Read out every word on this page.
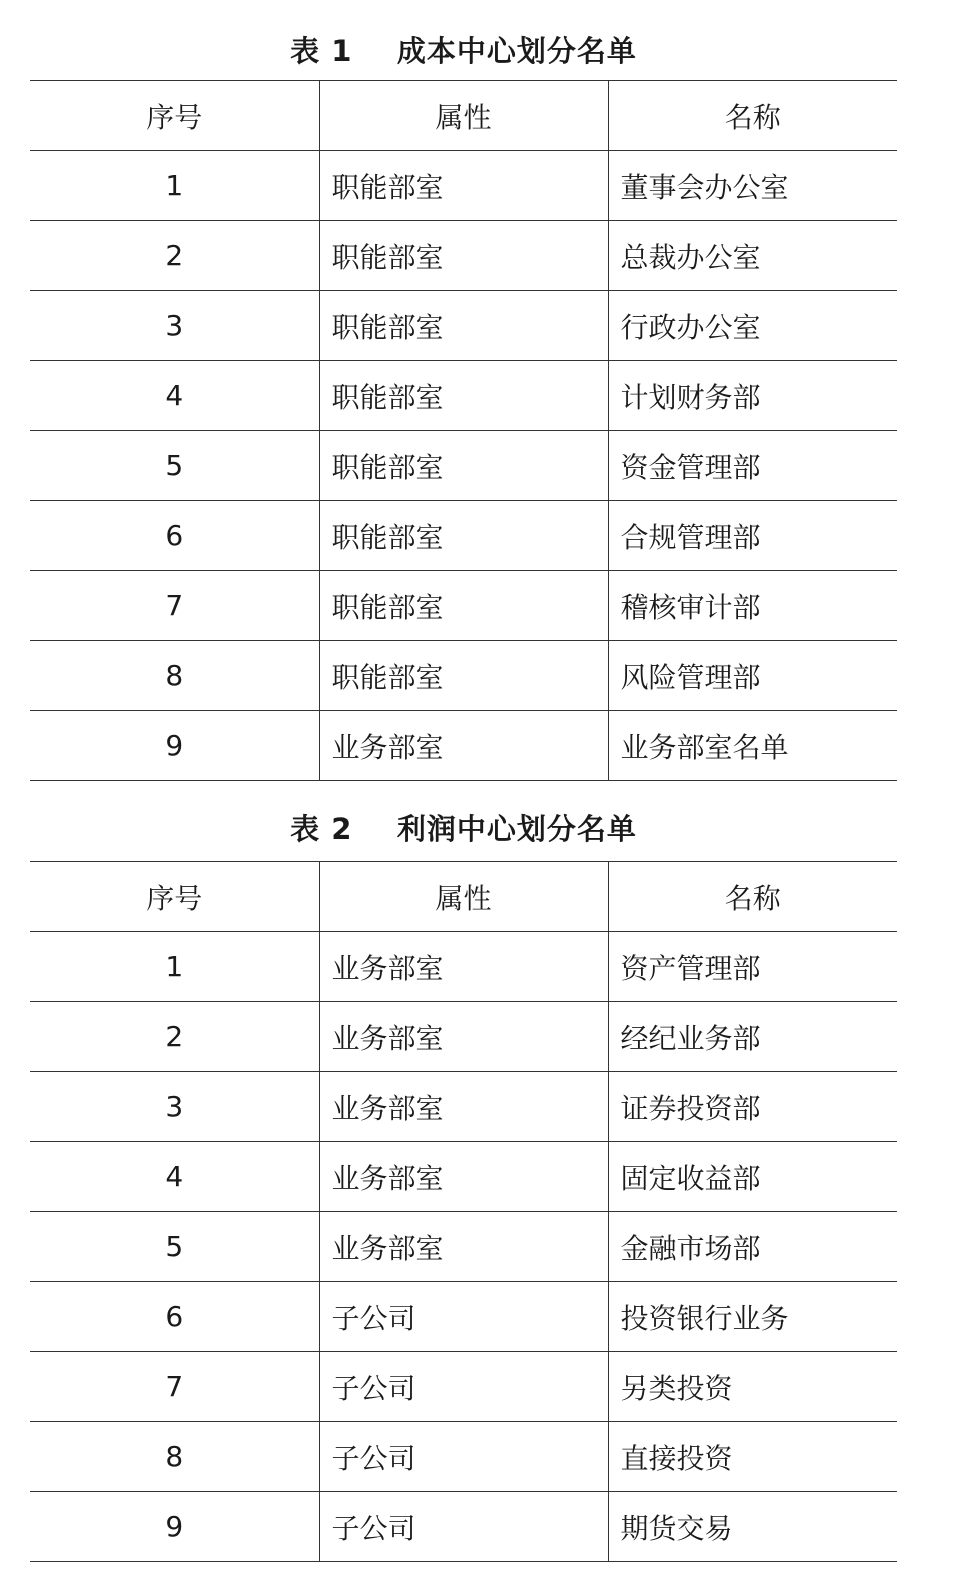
表 1    成本中心划分名单
序号	属性	名称
1	职能部室	董事会办公室
2	职能部室	总裁办公室
3	职能部室	行政办公室
4	职能部室	计划财务部
5	职能部室	资金管理部
6	职能部室	合规管理部
7	职能部室	稽核审计部
8	职能部室	风险管理部
9	业务部室	业务部室名单
表 2    利润中心划分名单
序号	属性	名称
1	业务部室	资产管理部
2	业务部室	经纪业务部
3	业务部室	证券投资部
4	业务部室	固定收益部
5	业务部室	金融市场部
6	子公司	投资银行业务
7	子公司	另类投资
8	子公司	直接投资
9	子公司	期货交易
